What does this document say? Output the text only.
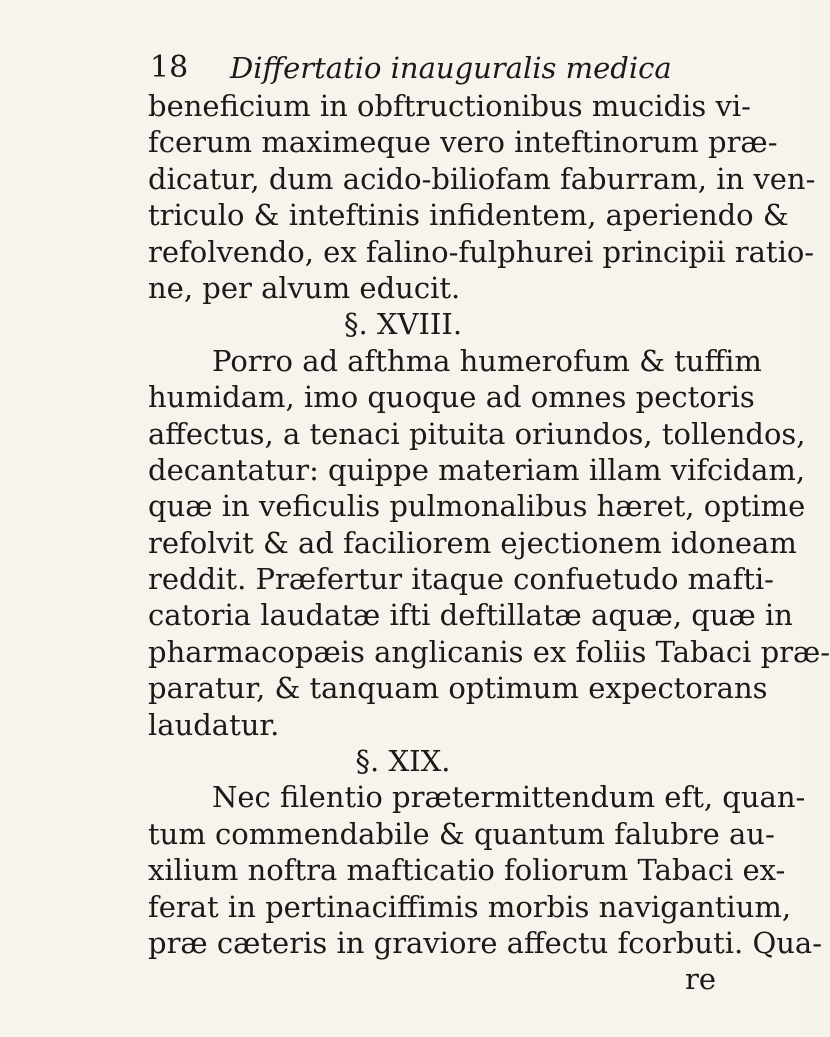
18 Differtatio inauguralis medica
beneficium in obftructionibus mucidis vi-
fcerum maximeque vero inteftinorum præ-
dicatur, dum acido-biliofam faburram, in ven-
triculo & inteftinis infidentem, aperiendo &
refolvendo, ex falino-fulphurei principii ratio-
ne, per alvum educit.
§. XVIII.
Porro ad afthma humerofum & tuffim
humidam, imo quoque ad omnes pectoris
affectus, a tenaci pituita oriundos, tollendos,
decantatur: quippe materiam illam vifcidam,
quæ in veficulis pulmonalibus hæret, optime
refolvit & ad faciliorem ejectionem idoneam
reddit. Præfertur itaque confuetudo mafti-
catoria laudatæ ifti deftillatæ aquæ, quæ in
pharmacopæis anglicanis ex foliis Tabaci præ-
paratur, & tanquam optimum expectorans
laudatur.
§. XIX.
Nec filentio prætermittendum eft, quan-
tum commendabile & quantum falubre au-
xilium noftra mafticatio foliorum Tabaci ex-
ferat in pertinaciffimis morbis navigantium,
præ cæteris in graviore affectu fcorbuti. Qua-
re
